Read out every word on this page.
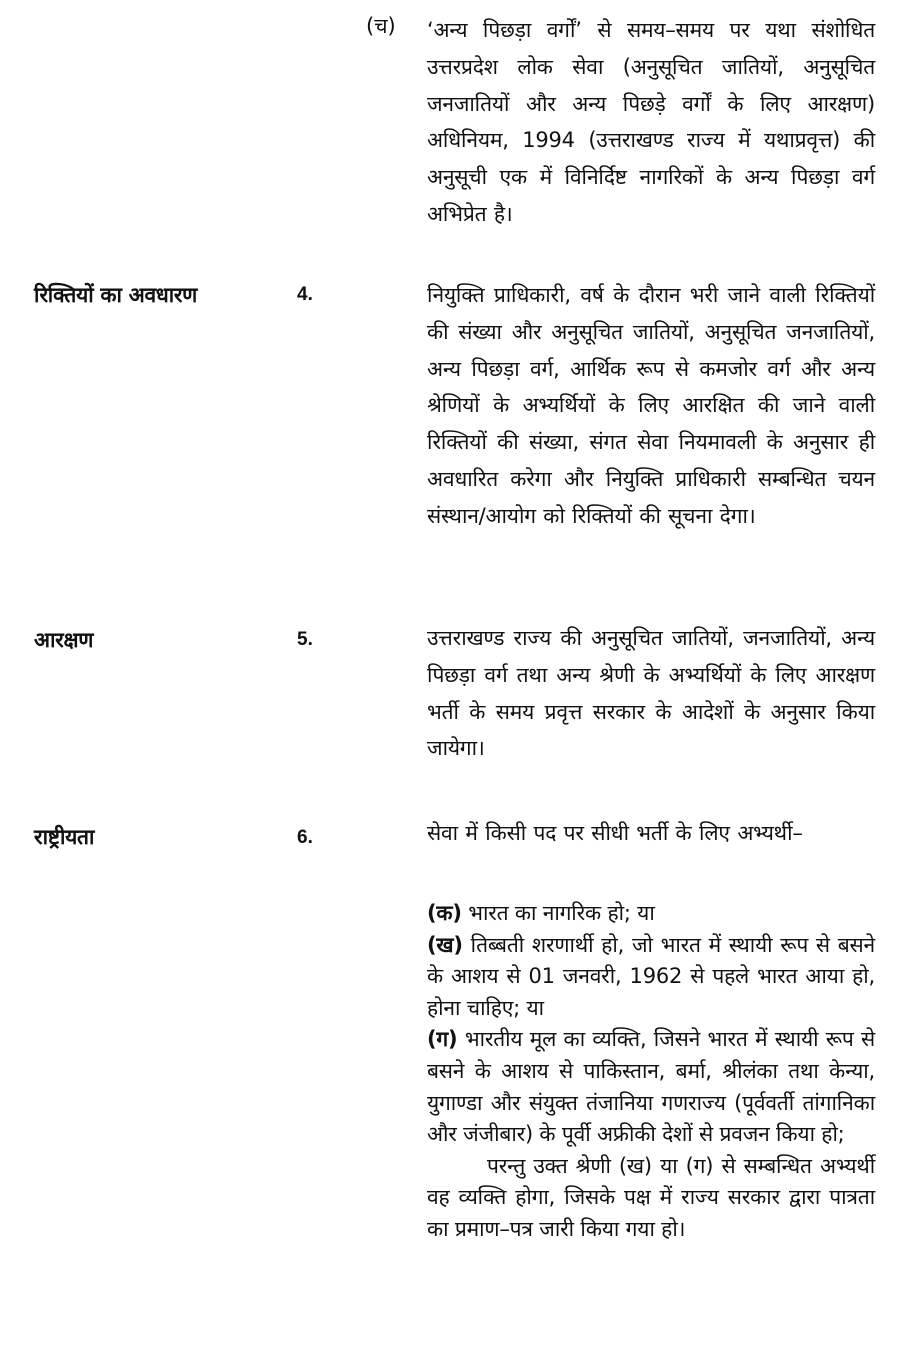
(च) ‘अन्य पिछड़ा वर्गों’ से समय–समय पर यथा संशोधित उत्तरप्रदेश लोक सेवा (अनुसूचित जातियों, अनुसूचित जनजातियों और अन्य पिछड़े वर्गों के लिए आरक्षण) अधिनियम, 1994 (उत्तराखण्ड राज्य में यथाप्रवृत्त) की अनुसूची एक में विनिर्दिष्ट नागरिकों के अन्य पिछड़ा वर्ग अभिप्रेत है।
रिक्तियों का अवधारण	4.	नियुक्ति प्राधिकारी, वर्ष के दौरान भरी जाने वाली रिक्तियों की संख्या और अनुसूचित जातियों, अनुसूचित जनजातियों, अन्य पिछड़ा वर्ग, आर्थिक रूप से कमजोर वर्ग और अन्य श्रेणियों के अभ्यर्थियों के लिए आरक्षित की जाने वाली रिक्तियों की संख्या, संगत सेवा नियमावली के अनुसार ही अवधारित करेगा और नियुक्ति प्राधिकारी सम्बन्धित चयन संस्थान/आयोग को रिक्तियों की सूचना देगा।
आरक्षण	5.	उत्तराखण्ड राज्य की अनुसूचित जातियों, जनजातियों, अन्य पिछड़ा वर्ग तथा अन्य श्रेणी के अभ्यर्थियों के लिए आरक्षण भर्ती के समय प्रवृत्त सरकार के आदेशों के अनुसार किया जायेगा।
राष्ट्रीयता	6.	सेवा में किसी पद पर सीधी भर्ती के लिए अभ्यर्थी–

(क) भारत का नागरिक हो; या

(ख) तिब्बती शरणार्थी हो, जो भारत में स्थायी रूप से बसने के आशय से 01 जनवरी, 1962 से पहले भारत आया हो, होना चाहिए; या

(ग) भारतीय मूल का व्यक्ति, जिसने भारत में स्थायी रूप से बसने के आशय से पाकिस्तान, बर्मा, श्रीलंका तथा केन्या, युगाण्डा और संयुक्त तंजानिया गणराज्य (पूर्ववर्ती तांगानिका और जंजीबार) के पूर्वी अफ्रीकी देशों से प्रवजन किया हो;

परन्तु उक्त श्रेणी (ख) या (ग) से सम्बन्धित अभ्यर्थी वह व्यक्ति होगा, जिसके पक्ष में राज्य सरकार द्वारा पात्रता का प्रमाण–पत्र जारी किया गया हो।
